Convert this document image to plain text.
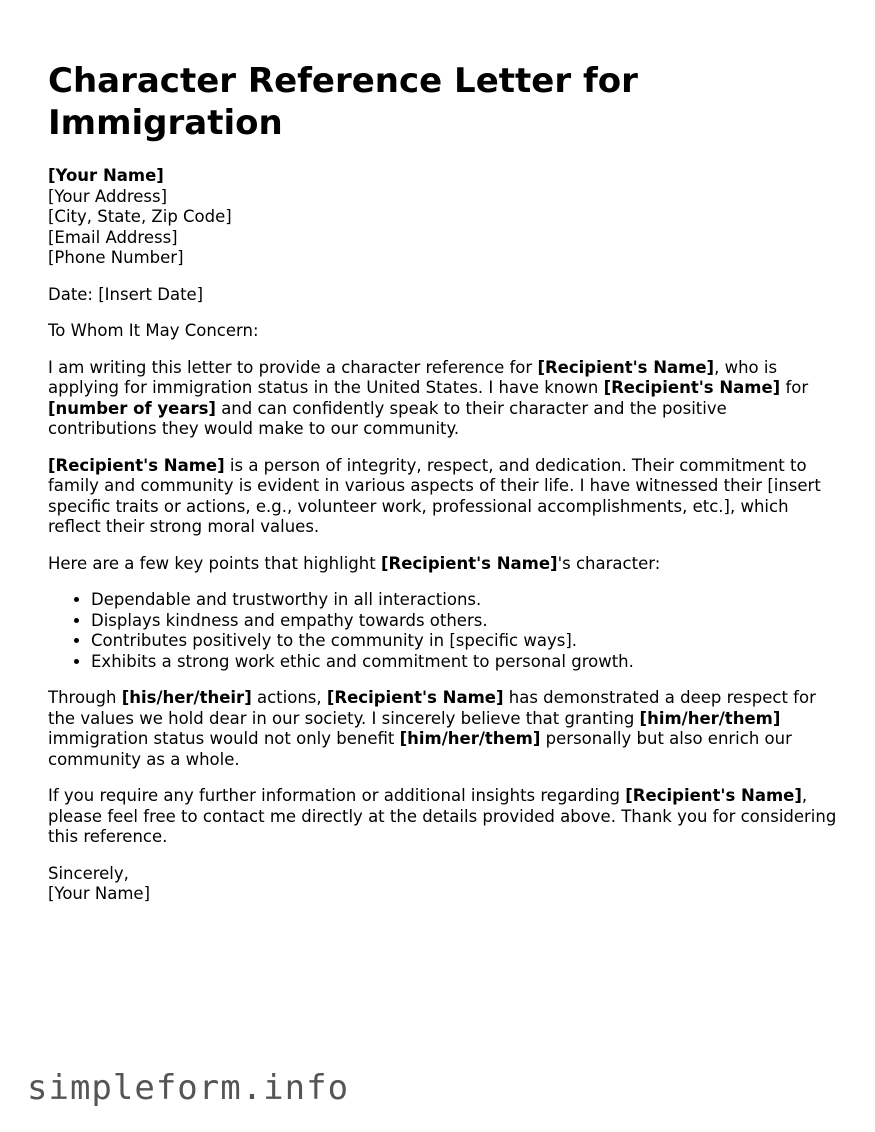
Character Reference Letter for Immigration
[Your Name]
[Your Address]
[City, State, Zip Code]
[Email Address]
[Phone Number]

Date: [Insert Date]

To Whom It May Concern:

I am writing this letter to provide a character reference for [Recipient's Name], who is applying for immigration status in the United States. I have known [Recipient's Name] for [number of years] and can confidently speak to their character and the positive contributions they would make to our community.

[Recipient's Name] is a person of integrity, respect, and dedication. Their commitment to family and community is evident in various aspects of their life. I have witnessed their [insert specific traits or actions, e.g., volunteer work, professional accomplishments, etc.], which reflect their strong moral values.

Here are a few key points that highlight [Recipient's Name]'s character:

• Dependable and trustworthy in all interactions.
• Displays kindness and empathy towards others.
• Contributes positively to the community in [specific ways].
• Exhibits a strong work ethic and commitment to personal growth.

Through [his/her/their] actions, [Recipient's Name] has demonstrated a deep respect for the values we hold dear in our society. I sincerely believe that granting [him/her/them] immigration status would not only benefit [him/her/them] personally but also enrich our community as a whole.

If you require any further information or additional insights regarding [Recipient's Name], please feel free to contact me directly at the details provided above. Thank you for considering this reference.

Sincerely,
[Your Name]

simpleform.info
